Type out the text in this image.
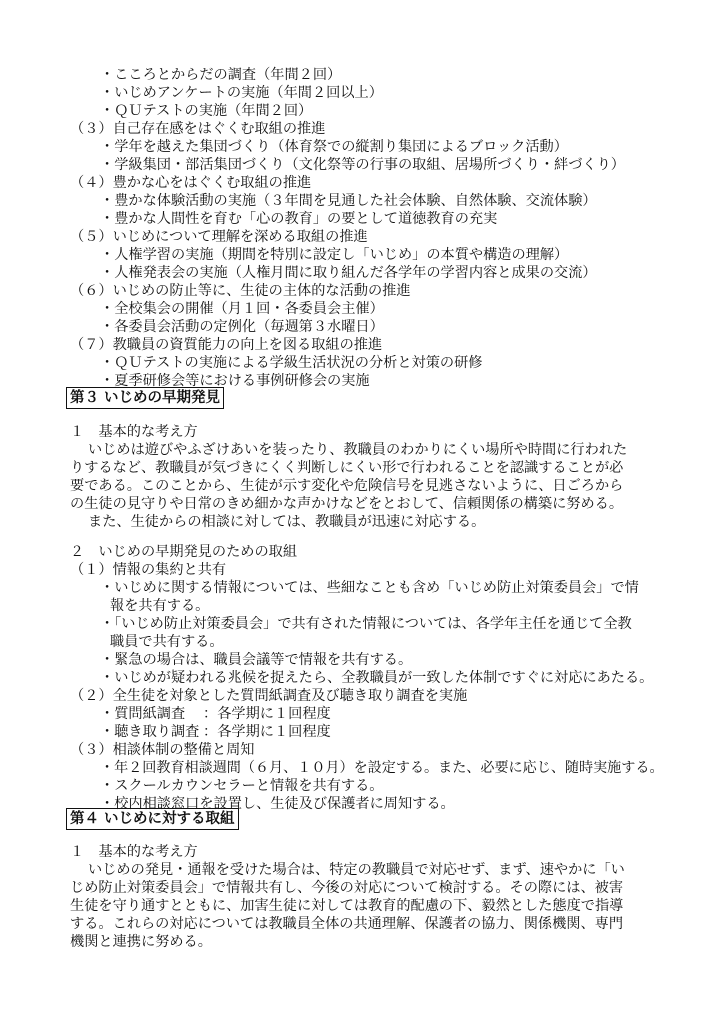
・こころとからだの調査（年間２回）
・いじめアンケートの実施（年間２回以上）
・ＱＵテストの実施（年間２回）
（３）自己存在感をはぐくむ取組の推進
・学年を越えた集団づくり（体育祭での縦割り集団によるブロック活動）
・学級集団・部活集団づくり（文化祭等の行事の取組、居場所づくり・絆づくり）
（４）豊かな心をはぐくむ取組の推進
・豊かな体験活動の実施（３年間を見通した社会体験、自然体験、交流体験）
・豊かな人間性を育む「心の教育」の要として道徳教育の充実
（５）いじめについて理解を深める取組の推進
・人権学習の実施（期間を特別に設定し「いじめ」の本質や構造の理解）
・人権発表会の実施（人権月間に取り組んだ各学年の学習内容と成果の交流）
（６）いじめの防止等に、生徒の主体的な活動の推進
・全校集会の開催（月１回・各委員会主催）
・各委員会活動の定例化（毎週第３水曜日）
（７）教職員の資質能力の向上を図る取組の推進
・ＱＵテストの実施による学級生活状況の分析と対策の研修
・夏季研修会等における事例研修会の実施
第３ いじめの早期発見
１　基本的な考え方
いじめは遊びやふざけあいを装ったり、教職員のわかりにくい場所や時間に行われた
りするなど、教職員が気づきにくく判断しにくい形で行われることを認識することが必
要である。このことから、生徒が示す変化や危険信号を見逃さないように、日ごろから
の生徒の見守りや日常のきめ細かな声かけなどをとおして、信頼関係の構築に努める。
また、生徒からの相談に対しては、教職員が迅速に対応する。
２　いじめの早期発見のための取組
（１）情報の集約と共有
・いじめに関する情報については、些細なことも含め「いじめ防止対策委員会」で情
報を共有する。
・「いじめ防止対策委員会」で共有された情報については、各学年主任を通じて全教
職員で共有する。
・緊急の場合は、職員会議等で情報を共有する。
・いじめが疑われる兆候を捉えたら、全教職員が一致した体制ですぐに対応にあたる。
（２）全生徒を対象とした質問紙調査及び聴き取り調査を実施
・質問紙調査 ：各学期に１回程度
・聴き取り調査 ：各学期に１回程度
（３）相談体制の整備と周知
・年２回教育相談週間（６月、１０月）を設定する。また、必要に応じ、随時実施する。
・スクールカウンセラーと情報を共有する。
・校内相談窓口を設置し、生徒及び保護者に周知する。
第４ いじめに対する取組
１　基本的な考え方
いじめの発見・通報を受けた場合は、特定の教職員で対応せず、まず、速やかに「い
じめ防止対策委員会」で情報共有し、今後の対応について検討する。その際には、被害
生徒を守り通すとともに、加害生徒に対しては教育的配慮の下、毅然とした態度で指導
する。これらの対応については教職員全体の共通理解、保護者の協力、関係機関、専門
機関と連携に努める。
